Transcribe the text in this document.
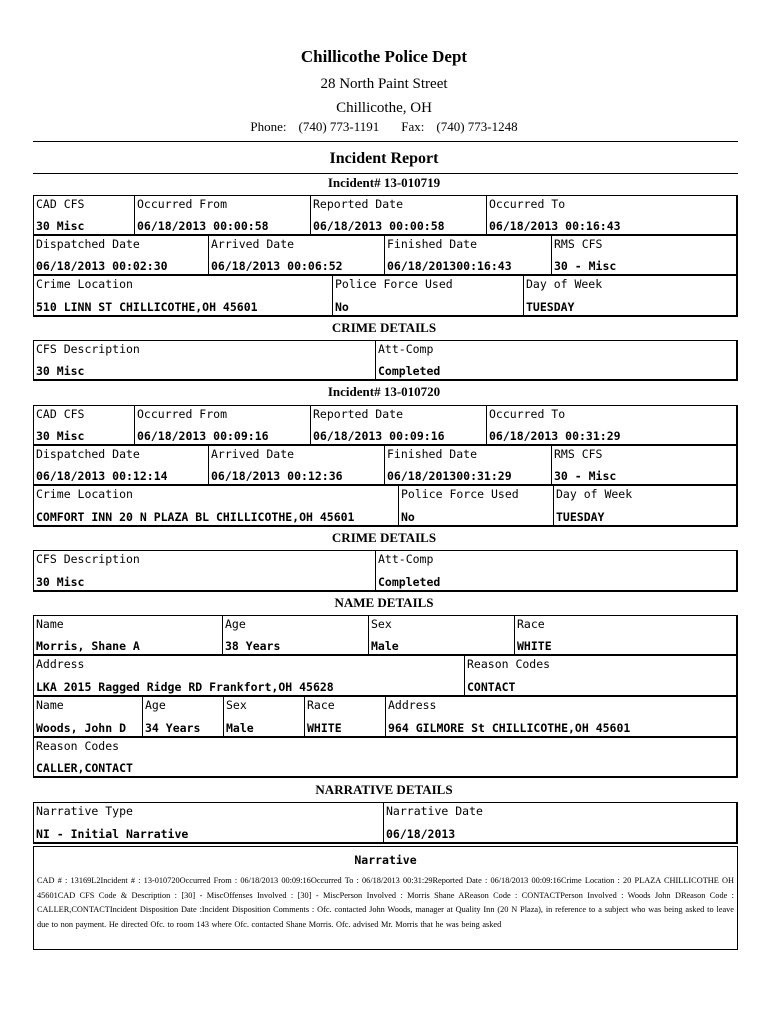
Chillicothe Police Dept
28 North Paint Street
Chillicothe, OH
Phone: (740) 773-1191 Fax: (740) 773-1248
Incident Report
Incident# 13-010719
CAD CFS
30 Misc
Occurred From
06/18/2013 00:00:58
Reported Date
06/18/2013 00:00:58
Occurred To
06/18/2013 00:16:43
Dispatched Date
06/18/2013 00:02:30
Arrived Date
06/18/2013 00:06:52
Finished Date
06/18/201300:16:43
RMS CFS
30 - Misc
Crime Location
510 LINN ST CHILLICOTHE,OH 45601
Police Force Used
No
Day of Week
TUESDAY
CRIME DETAILS
CFS Description
30 Misc
Att-Comp
Completed
Incident# 13-010720
CAD CFS
30 Misc
Occurred From
06/18/2013 00:09:16
Reported Date
06/18/2013 00:09:16
Occurred To
06/18/2013 00:31:29
Dispatched Date
06/18/2013 00:12:14
Arrived Date
06/18/2013 00:12:36
Finished Date
06/18/201300:31:29
RMS CFS
30 - Misc
Crime Location
COMFORT INN 20 N PLAZA BL CHILLICOTHE,OH 45601
Police Force Used
No
Day of Week
TUESDAY
CRIME DETAILS
CFS Description
30 Misc
Att-Comp
Completed
NAME DETAILS
Name
Morris, Shane A
Age
38 Years
Sex
Male
Race
WHITE
Address
LKA 2015 Ragged Ridge RD Frankfort,OH 45628
Reason Codes
CONTACT
Name
Woods, John D
Age
34 Years
Sex
Male
Race
WHITE
Address
964 GILMORE St CHILLICOTHE,OH 45601
Reason Codes
CALLER,CONTACT
NARRATIVE DETAILS
Narrative Type
NI - Initial Narrative
Narrative Date
06/18/2013
Narrative
CAD # : 13169L2Incident # : 13-010720Occurred From : 06/18/2013 00:09:16Occurred To : 06/18/2013 00:31:29Reported Date : 06/18/2013 00:09:16Crime Location : 20 PLAZA CHILLICOTHE OH 45601CAD CFS Code & Description : [30] - MiscOffenses Involved : [30] - MiscPerson Involved : Morris Shane AReason Code : CONTACTPerson Involved : Woods John DReason Code : CALLER,CONTACTIncident Disposition Date :Incident Disposition Comments : Ofc. contacted John Woods, manager at Quality Inn (20 N Plaza), in reference to a subject who was being asked to leave due to non payment. He directed Ofc. to room 143 where Ofc. contacted Shane Morris. Ofc. advised Mr. Morris that he was being asked
